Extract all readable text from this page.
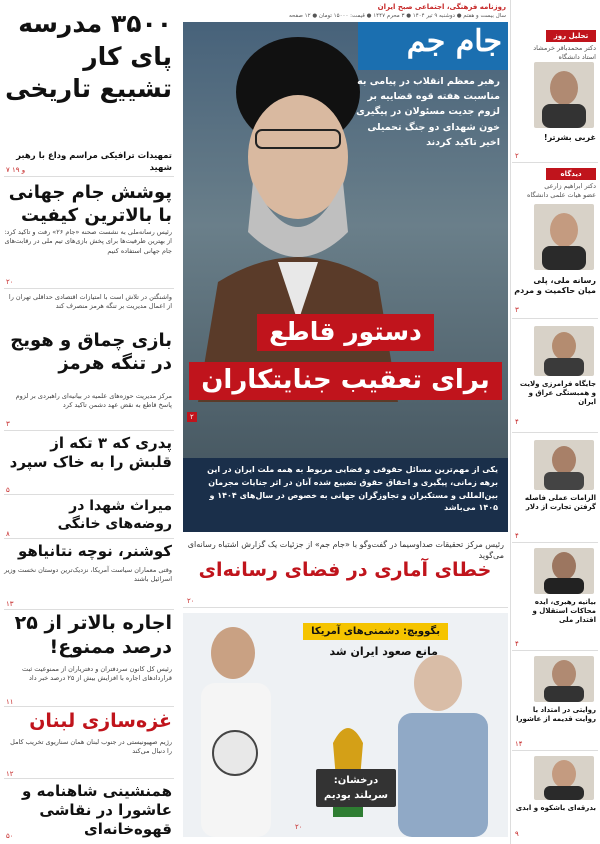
روزنامه فرهنگی، اجتماعی صبح ایران
سال بیست و هفتم ● دوشنبه ۹ تیر ۱۴۰۴ ● ۳ محرم ۱۴۴۷ ● قیمت: ۱۵۰۰۰ تومان ● ۱۲ صفحه
۳۵۰۰ مدرسه پای کار تشییع تاریخی
تمهیدات ترافیکی مراسم وداع با رهبر شهید
۷ و ۱۹
پوشش جام جهانی با بالاترین کیفیت
رئیس رسانه‌ملی به نشست صحنه «جام ۲۶» رفت و تاکید کرد: از بهترین ظرفیت‌ها برای پخش بازی‌های تیم ملی در رقابت‌های جام جهانی استفاده کنیم
۲۰
واشنگتن در تلاش است با امتیازات اقتصادی حداقلی تهران را از اعمال مدیریت بر تنگه هرمز منصرف کند
بازی چماق و هویج در تنگه هرمز
مرکز مدیریت حوزه‌های علمیه در بیانیه‌ای راهبردی بر لزوم پاسخ قاطع به نقض عهد دشمن تاکید کرد
۳
پدری که ۳ تکه از قلبش را به خاک سپرد
۵
میراث شهدا در روضه‌های خانگی
۸
کوشنر، نوچه نتانیاهو
وقتی معماران سیاست آمریکا، نزدیک‌ترین دوستان نخست وزیر اسرائیل باشند
۱۳
اجاره بالاتر از ۲۵ درصد ممنوع!
رئیس کل کانون سردفتران و دفتریاران از ممنوعیت ثبت قراردادهای اجاره با افزایش بیش از ۲۵ درصد خبر داد
۱۱
غزه‌سازی لبنان
رژیم صهیونیستی در جنوب لبنان همان سناریوی تخریب کامل را دنبال می‌کند
۱۲
همنشینی شاهنامه و عاشورا در نقاشی قهوه‌خانه‌ای
۵۰
جام جم
رهبر معظم انقلاب در پیامی به مناسبت هفته قوه قضاییه بر لزوم جدیت مسئولان در پیگیری خون شهدای دو جنگ تحمیلی اخیر تاکید کردند
دستور قاطع
برای تعقیب جنایتکاران
۲
یکی از مهم‌ترین مسائل حقوقی و قضایی مربوط به همه ملت ایران در این برهه زمانی، پیگیری و احقاق حقوق تضییع شده آنان در اثر جنایات مجرمان بین‌المللی و مستکبران و تجاوزگران جهانی به خصوص در سال‌های ۱۴۰۴ و ۱۴۰۵ می‌باشد
رئیس مرکز تحقیقات صداوسیما در گفت‌وگو با «جام جم» از جزئیات یک گزارش اشتباه رسانه‌ای می‌گوید
خطای آماری در فضای رسانه‌ای
۲۰
بگوویچ: دشمنی‌های آمریکا
مانع صعود ایران شد
درخشان: سربلند بودیم
۲۰
تحلیل روز
دکتر محمدباقر خرمشاد
استاد دانشگاه
غربی بشرتر!
۲
دیدگاه
دکتر ابراهیم زارعی
عضو هیات علمی دانشگاه
رسانه ملی، پلی میان حاکمیت و مردم
۳
جایگاه فرامرزی ولایت و همبستگی عراق و ایران
۴
الزامات عملی فاصله گرفتن تجارت از دلار
۴
بیانیه رهبری، ایده محاکات استقلال و اقتدار ملی
۴
روایتی در امتداد با روایت قدیمه از عاشورا
۱۴
بدرقه‌ای باشکوه و ابدی
۹
